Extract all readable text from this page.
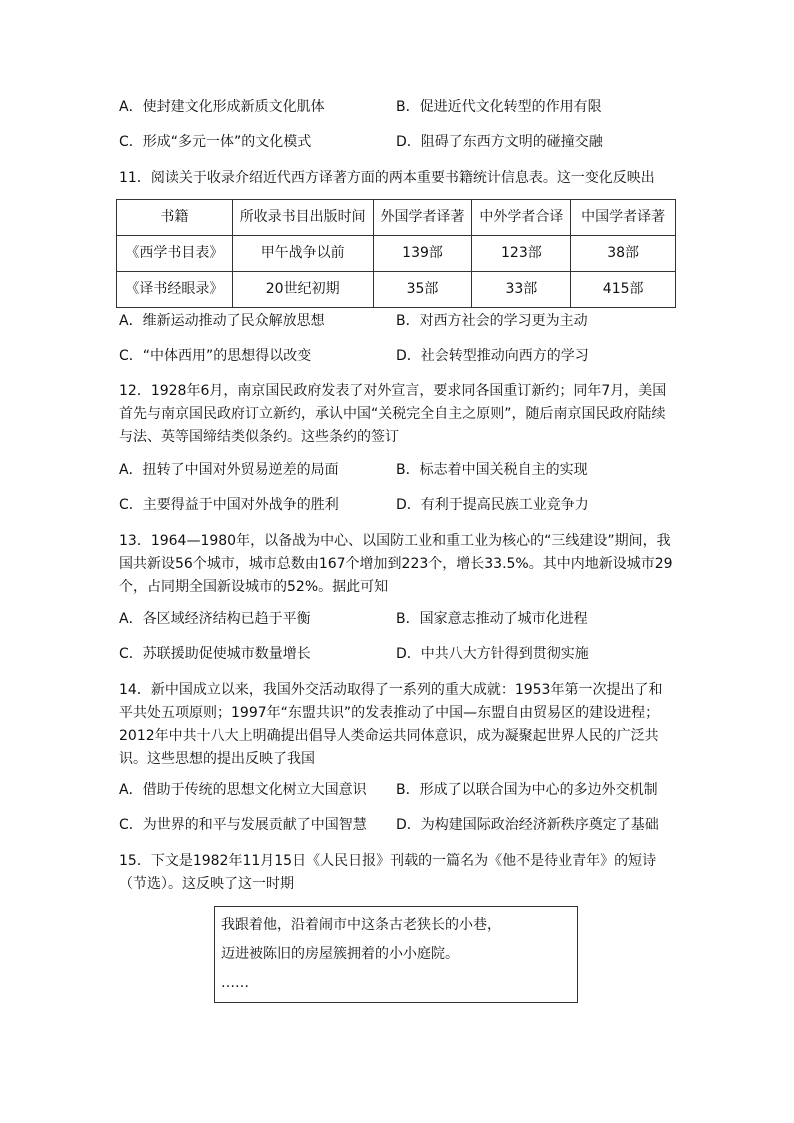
A．使封建文化形成新质文化肌体	B．促进近代文化转型的作用有限
C．形成“多元一体”的文化模式	D．阻碍了东西方文明的碰撞交融
11．阅读关于收录介绍近代西方译著方面的两本重要书籍统计信息表。这一变化反映出
书籍	所收录书目出版时间	外国学者译著	中外学者合译	中国学者译著
《西学书目表》	甲午战争以前	139部	123部	38部
《译书经眼录》	20世纪初期	35部	33部	415部
A．维新运动推动了民众解放思想	B．对西方社会的学习更为主动
C．“中体西用”的思想得以改变	D．社会转型推动向西方的学习
12．1928年6月，南京国民政府发表了对外宣言，要求同各国重订新约；同年7月，美国首先与南京国民政府订立新约，承认中国“关税完全自主之原则”，随后南京国民政府陆续与法、英等国缔结类似条约。这些条约的签订
A．扭转了中国对外贸易逆差的局面	B．标志着中国关税自主的实现
C．主要得益于中国对外战争的胜利	D．有利于提高民族工业竞争力
13．1964—1980年，以备战为中心、以国防工业和重工业为核心的“三线建设”期间，我国共新设56个城市，城市总数由167个增加到223个，增长33.5%。其中内地新设城市29个，占同期全国新设城市的52%。据此可知
A．各区域经济结构已趋于平衡	B．国家意志推动了城市化进程
C．苏联援助促使城市数量增长	D．中共八大方针得到贯彻实施
14．新中国成立以来，我国外交活动取得了一系列的重大成就：1953年第一次提出了和平共处五项原则；1997年“东盟共识”的发表推动了中国—东盟自由贸易区的建设进程；2012年中共十八大上明确提出倡导人类命运共同体意识，成为凝聚起世界人民的广泛共识。这些思想的提出反映了我国
A．借助于传统的思想文化树立大国意识 B．形成了以联合国为中心的多边外交机制
C．为世界的和平与发展贡献了中国智慧 D．为构建国际政治经济新秩序奠定了基础
15．下文是1982年11月15日《人民日报》刊载的一篇名为《他不是待业青年》的短诗（节选）。这反映了这一时期
我跟着他，沿着闹市中这条古老狭长的小巷，
迈进被陈旧的房屋簇拥着的小小庭院。
……
